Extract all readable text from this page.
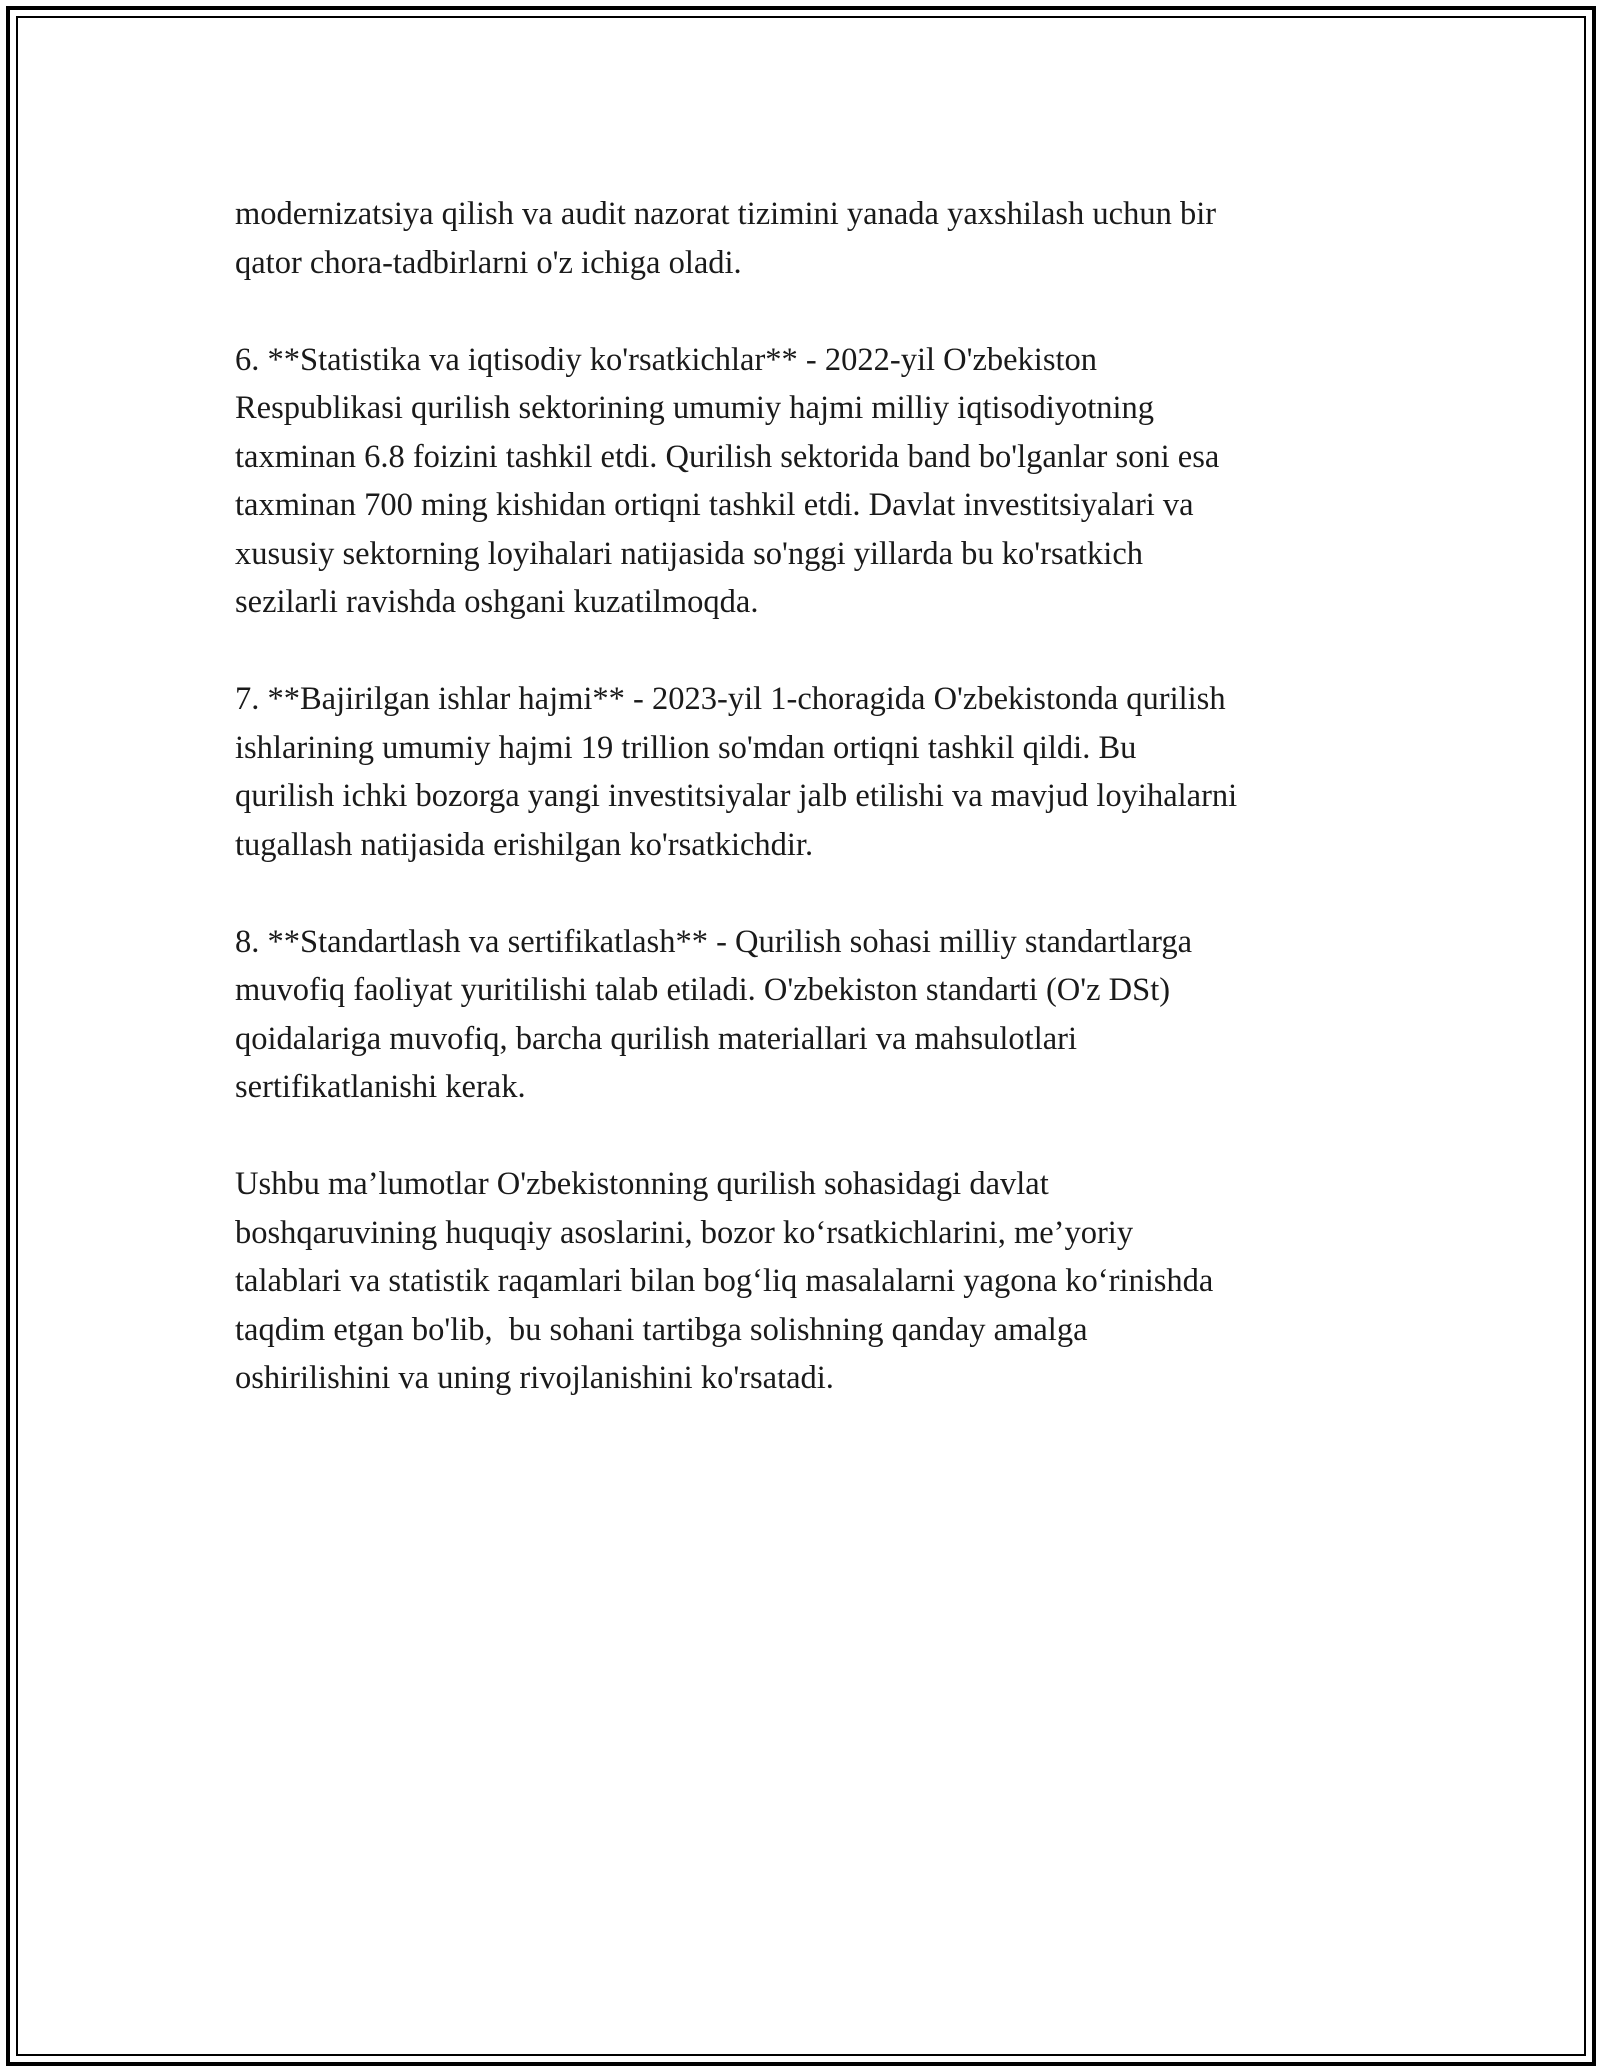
modernizatsiya qilish va audit nazorat tizimini yanada yaxshilash uchun bir
qator chora-tadbirlarni o'z ichiga oladi.

6. **Statistika va iqtisodiy ko'rsatkichlar** - 2022-yil O'zbekiston
Respublikasi qurilish sektorining umumiy hajmi milliy iqtisodiyotning
taxminan 6.8 foizini tashkil etdi. Qurilish sektorida band bo'lganlar soni esa
taxminan 700 ming kishidan ortiqni tashkil etdi. Davlat investitsiyalari va
xususiy sektorning loyihalari natijasida so'nggi yillarda bu ko'rsatkich
sezilarli ravishda oshgani kuzatilmoqda.

7. **Bajirilgan ishlar hajmi** - 2023-yil 1-choragida O'zbekistonda qurilish
ishlarining umumiy hajmi 19 trillion so'mdan ortiqni tashkil qildi. Bu
qurilish ichki bozorga yangi investitsiyalar jalb etilishi va mavjud loyihalarni
tugallash natijasida erishilgan ko'rsatkichdir.

8. **Standartlash va sertifikatlash** - Qurilish sohasi milliy standartlarga
muvofiq faoliyat yuritilishi talab etiladi. O'zbekiston standarti (O'z DSt)
qoidalariga muvofiq, barcha qurilish materiallari va mahsulotlari
sertifikatlanishi kerak.

Ushbu ma’lumotlar O'zbekistonning qurilish sohasidagi davlat
boshqaruvining huquqiy asoslarini, bozor ko‘rsatkichlarini, me’yoriy
talablari va statistik raqamlari bilan bog‘liq masalalarni yagona ko‘rinishda
taqdim etgan bo'lib,  bu sohani tartibga solishning qanday amalga
oshirilishini va uning rivojlanishini ko'rsatadi.
